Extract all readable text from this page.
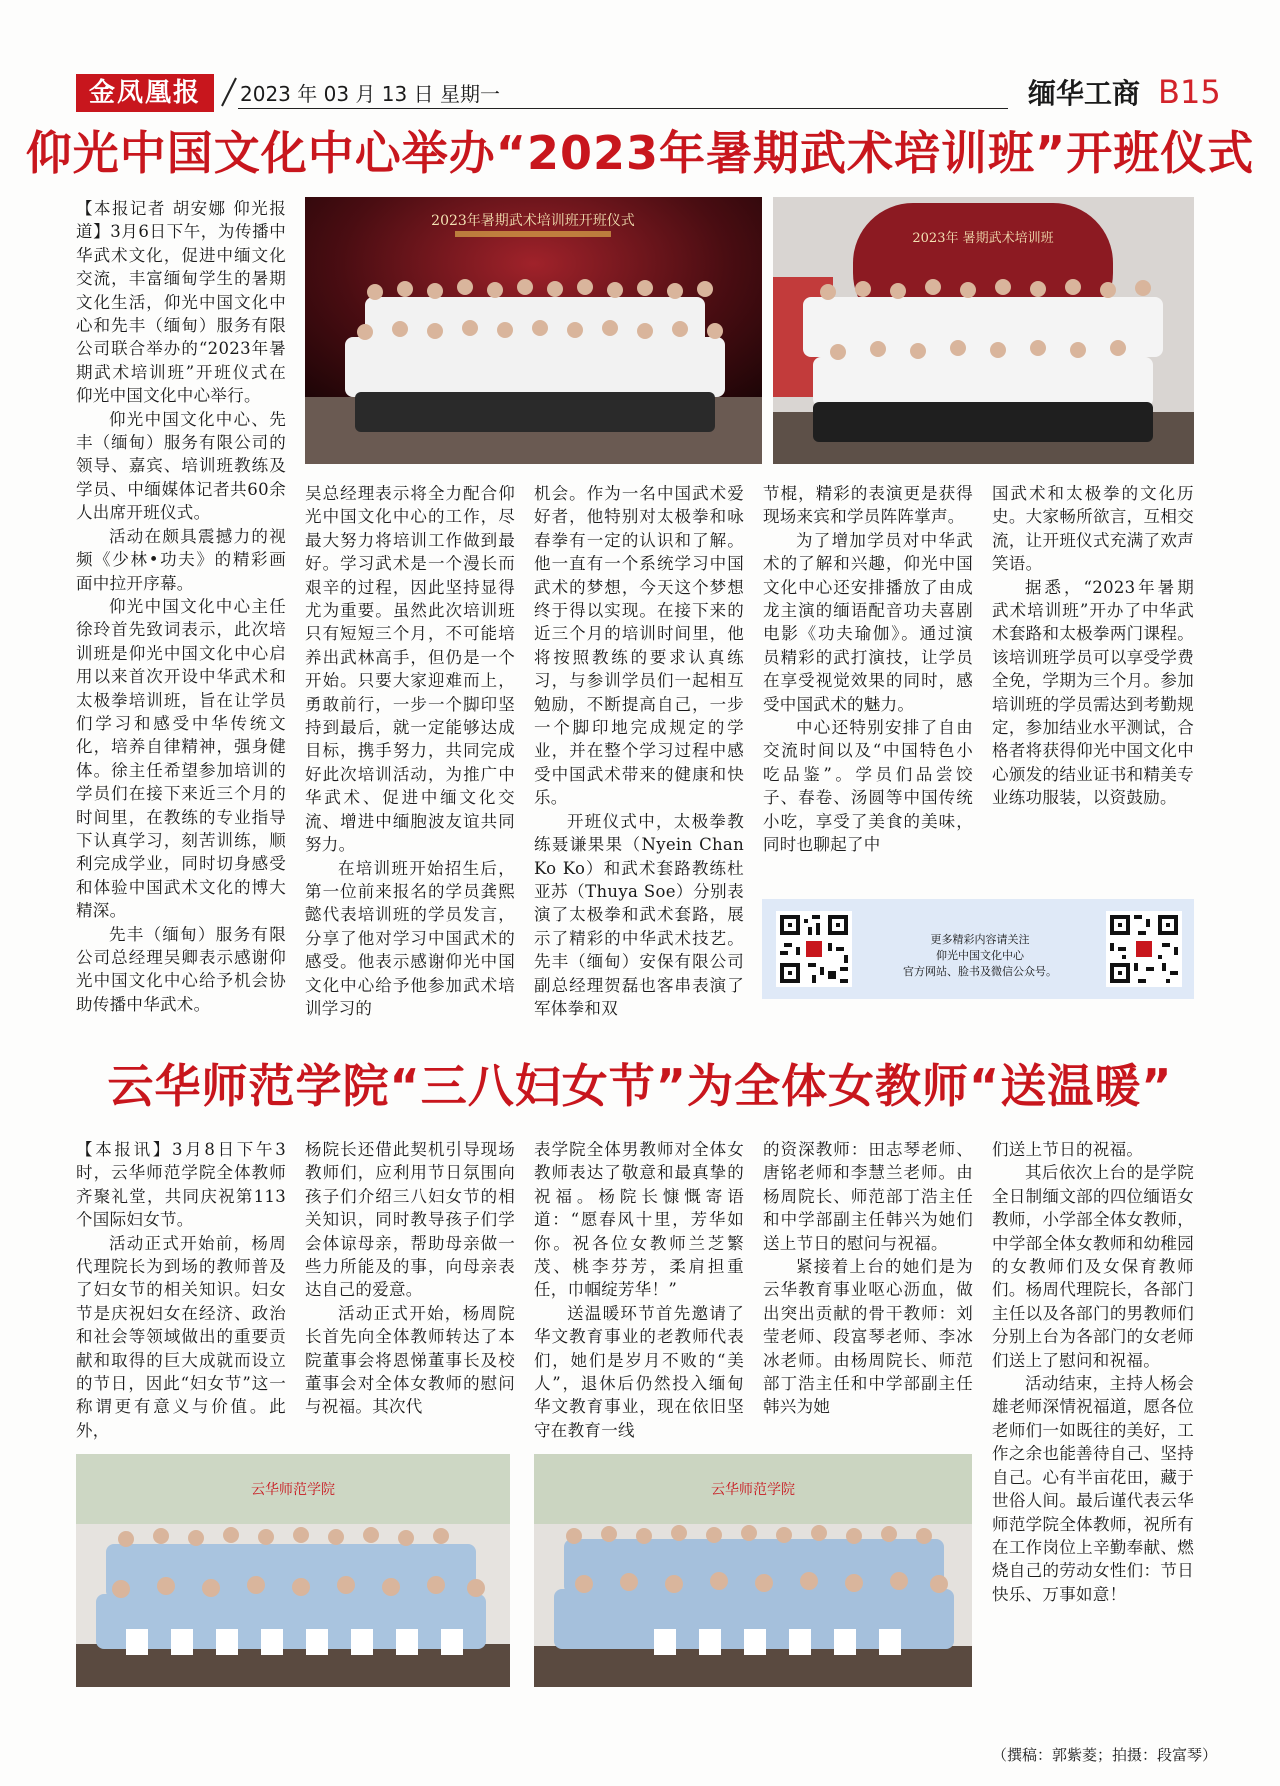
金凤凰报	2023 年 03 月 13 日 星期一	缅华工商 B15
仰光中国文化中心举办“2023年暑期武术培训班”开班仪式
2023年暑期武术培训班开班仪式
2023年 暑期武术培训班

【本报记者 胡安娜 仰光报道】3月6日下午，为传播中华武术文化，促进中缅文化交流，丰富缅甸学生的暑期文化生活，仰光中国文化中心和先丰（缅甸）服务有限公司联合举办的“2023年暑期武术培训班”开班仪式在仰光中国文化中心举行。

仰光中国文化中心、先丰（缅甸）服务有限公司的领导、嘉宾、培训班教练及学员、中缅媒体记者共60余人出席开班仪式。

活动在颇具震撼力的视频《少林•功夫》的精彩画面中拉开序幕。

仰光中国文化中心主任徐玲首先致词表示，此次培训班是仰光中国文化中心启用以来首次开设中华武术和太极拳培训班，旨在让学员们学习和感受中华传统文化，培养自律精神，强身健体。徐主任希望参加培训的学员们在接下来近三个月的时间里，在教练的专业指导下认真学习，刻苦训练，顺利完成学业，同时切身感受和体验中国武术文化的博大精深。

先丰（缅甸）服务有限公司总经理吴卿表示感谢仰光中国文化中心给予机会协助传播中华武术。

吴总经理表示将全力配合仰光中国文化中心的工作，尽最大努力将培训工作做到最好。学习武术是一个漫长而艰辛的过程，因此坚持显得尤为重要。虽然此次培训班只有短短三个月，不可能培养出武林高手，但仍是一个开始。只要大家迎难而上，勇敢前行，一步一个脚印坚持到最后，就一定能够达成目标，携手努力，共同完成好此次培训活动，为推广中华武术、促进中缅文化交流、增进中缅胞波友谊共同努力。

在培训班开始招生后，第一位前来报名的学员龚熙懿代表培训班的学员发言，分享了他对学习中国武术的感受。他表示感谢仰光中国文化中心给予他参加武术培训学习的

机会。作为一名中国武术爱好者，他特别对太极拳和咏春拳有一定的认识和了解。他一直有一个系统学习中国武术的梦想，今天这个梦想终于得以实现。在接下来的近三个月的培训时间里，他将按照教练的要求认真练习，与参训学员们一起相互勉励，不断提高自己，一步一个脚印地完成规定的学业，并在整个学习过程中感受中国武术带来的健康和快乐。

开班仪式中，太极拳教练聂谦果果（Nyein Chan Ko Ko）和武术套路教练杜亚苏（Thuya Soe）分别表演了太极拳和武术套路，展示了精彩的中华武术技艺。先丰（缅甸）安保有限公司副总经理贺磊也客串表演了军体拳和双

节棍，精彩的表演更是获得现场来宾和学员阵阵掌声。

为了增加学员对中华武术的了解和兴趣，仰光中国文化中心还安排播放了由成龙主演的缅语配音功夫喜剧电影《功夫瑜伽》。通过演员精彩的武打演技，让学员在享受视觉效果的同时，感受中国武术的魅力。

中心还特别安排了自由交流时间以及“中国特色小吃品鉴”。学员们品尝饺子、春卷、汤圆等中国传统小吃，享受了美食的美味，同时也聊起了中

国武术和太极拳的文化历史。大家畅所欲言，互相交流，让开班仪式充满了欢声笑语。

据悉，“2023年暑期武术培训班”开办了中华武术套路和太极拳两门课程。该培训班学员可以享受学费全免，学期为三个月。参加培训班的学员需达到考勤规定，参加结业水平测试，合格者将获得仰光中国文化中心颁发的结业证书和精美专业练功服装，以资鼓励。

更多精彩内容请关注
仰光中国文化中心
官方网站、脸书及微信公众号。
云华师范学院“三八妇女节”为全体女教师“送温暖”

【本报讯】3月8日下午3时，云华师范学院全体教师齐聚礼堂，共同庆祝第113个国际妇女节。

活动正式开始前，杨周代理院长为到场的教师普及了妇女节的相关知识。妇女节是庆祝妇女在经济、政治和社会等领域做出的重要贡献和取得的巨大成就而设立的节日，因此“妇女节”这一称谓更有意义与价值。此外，

杨院长还借此契机引导现场教师们，应利用节日氛围向孩子们介绍三八妇女节的相关知识，同时教导孩子们学会体谅母亲，帮助母亲做一些力所能及的事，向母亲表达自己的爱意。

活动正式开始，杨周院长首先向全体教师转达了本院董事会将恩悌董事长及校董事会对全体女教师的慰问与祝福。其次代

表学院全体男教师对全体女教师表达了敬意和最真挚的祝福。杨院长慷慨寄语道：“愿春风十里，芳华如你。祝各位女教师兰芝繁茂、桃李芬芳，柔肩担重任，巾帼绽芳华！”

送温暖环节首先邀请了华文教育事业的老教师代表们，她们是岁月不败的“美人”，退休后仍然投入缅甸华文教育事业，现在依旧坚守在教育一线

的资深教师：田志琴老师、唐铭老师和李慧兰老师。由杨周院长、师范部丁浩主任和中学部副主任韩兴为她们送上节日的慰问与祝福。

紧接着上台的她们是为云华教育事业呕心沥血，做出突出贡献的骨干教师：刘莹老师、段富琴老师、李冰冰老师。由杨周院长、师范部丁浩主任和中学部副主任韩兴为她

们送上节日的祝福。

其后依次上台的是学院全日制缅文部的四位缅语女教师，小学部全体女教师，中学部全体女教师和幼稚园的女教师们及女保育教师们。杨周代理院长，各部门主任以及各部门的男教师们分别上台为各部门的女老师们送上了慰问和祝福。

活动结束，主持人杨会雄老师深情祝福道，愿各位老师们一如既往的美好，工作之余也能善待自己、坚持自己。心有半亩花田，藏于世俗人间。最后谨代表云华师范学院全体教师，祝所有在工作岗位上辛勤奉献、燃烧自己的劳动女性们：节日快乐、万事如意！

云华师范学院	云华师范学院
（撰稿：郭紫菱；拍摄：段富琴）
